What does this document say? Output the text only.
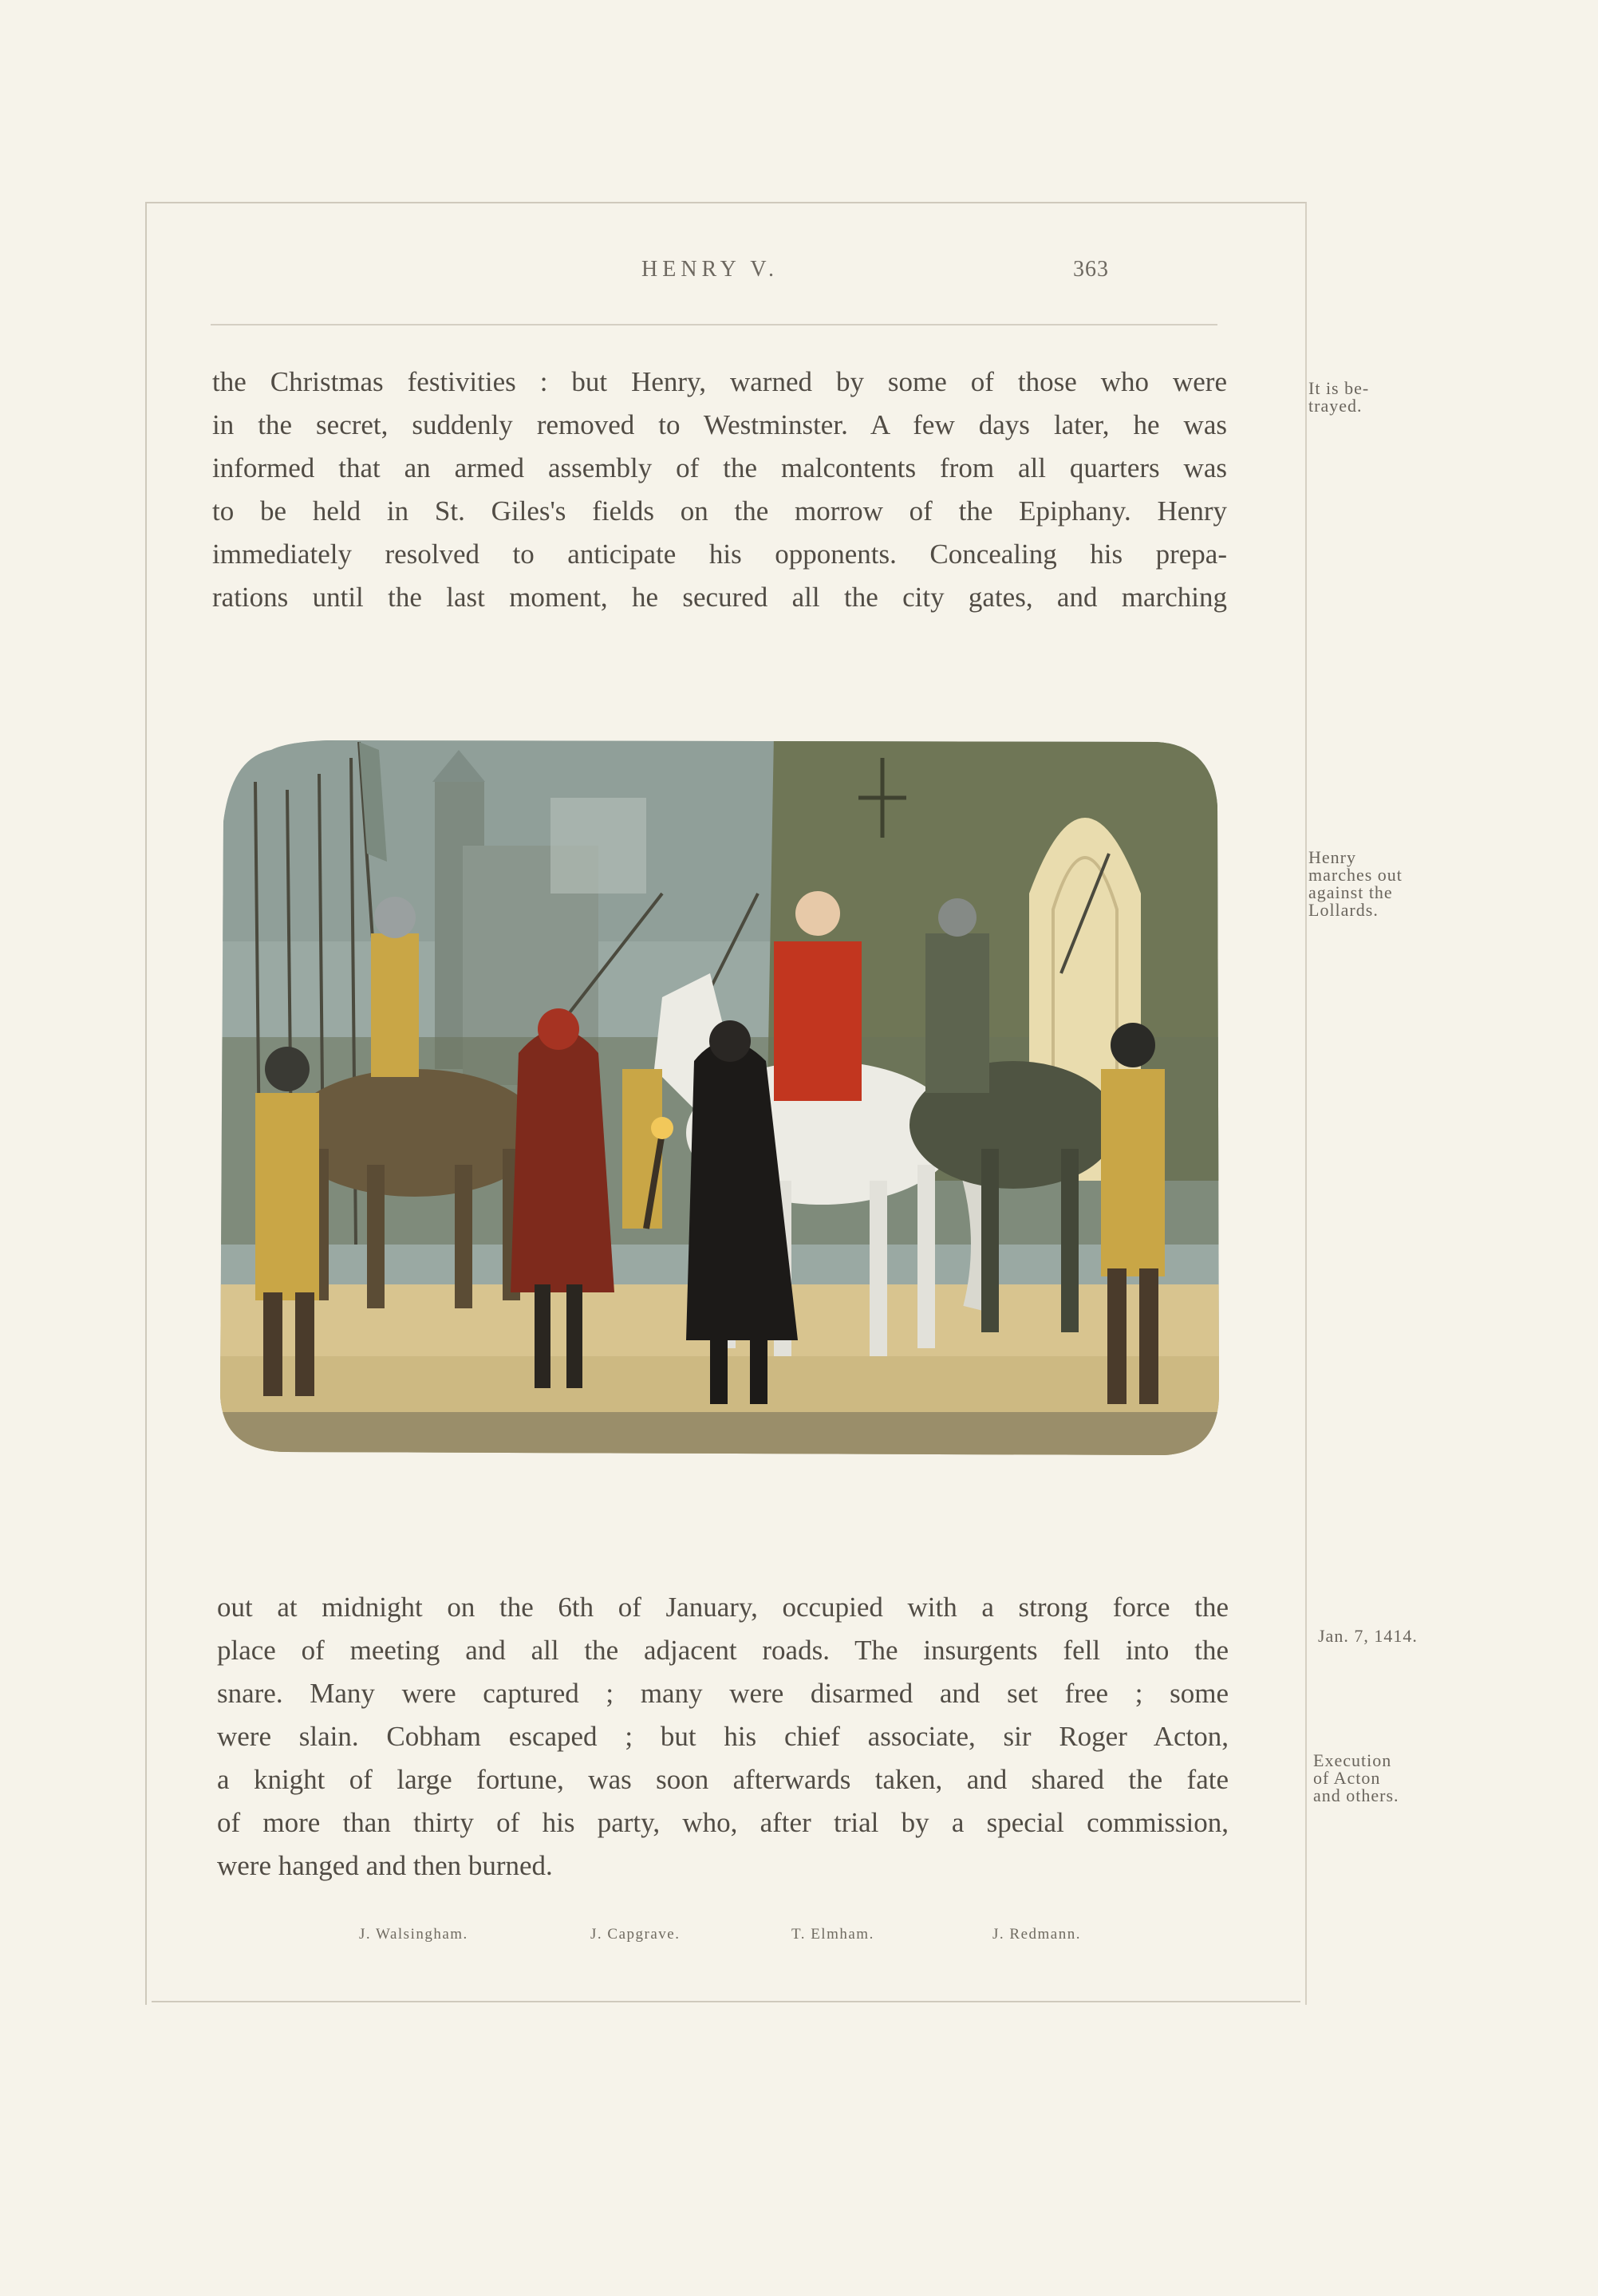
HENRY V.	363
the Christmas festivities : but Henry, warned by some of those who were
in the secret, suddenly removed to Westminster. A few days later, he was
informed that an armed assembly of the malcontents from all quarters was
to be held in St. Giles's fields on the morrow of the Epiphany. Henry
immediately resolved to anticipate his opponents. Concealing his prepa-
rations until the last moment, he secured all the city gates, and marching
It is be-
trayed.
Henry
marches out
against the
Lollards.
Jan. 7, 1414.
Execution
of Acton
and others.
out at midnight on the 6th of January, occupied with a strong force the
place of meeting and all the adjacent roads. The insurgents fell into the
snare. Many were captured ; many were disarmed and set free ; some
were slain. Cobham escaped ; but his chief associate, sir Roger Acton,
a knight of large fortune, was soon afterwards taken, and shared the fate
of more than thirty of his party, who, after trial by a special commission,
were hanged and then burned.
J. Walsingham.	J. Capgrave.	T. Elmham.	J. Redmann.
